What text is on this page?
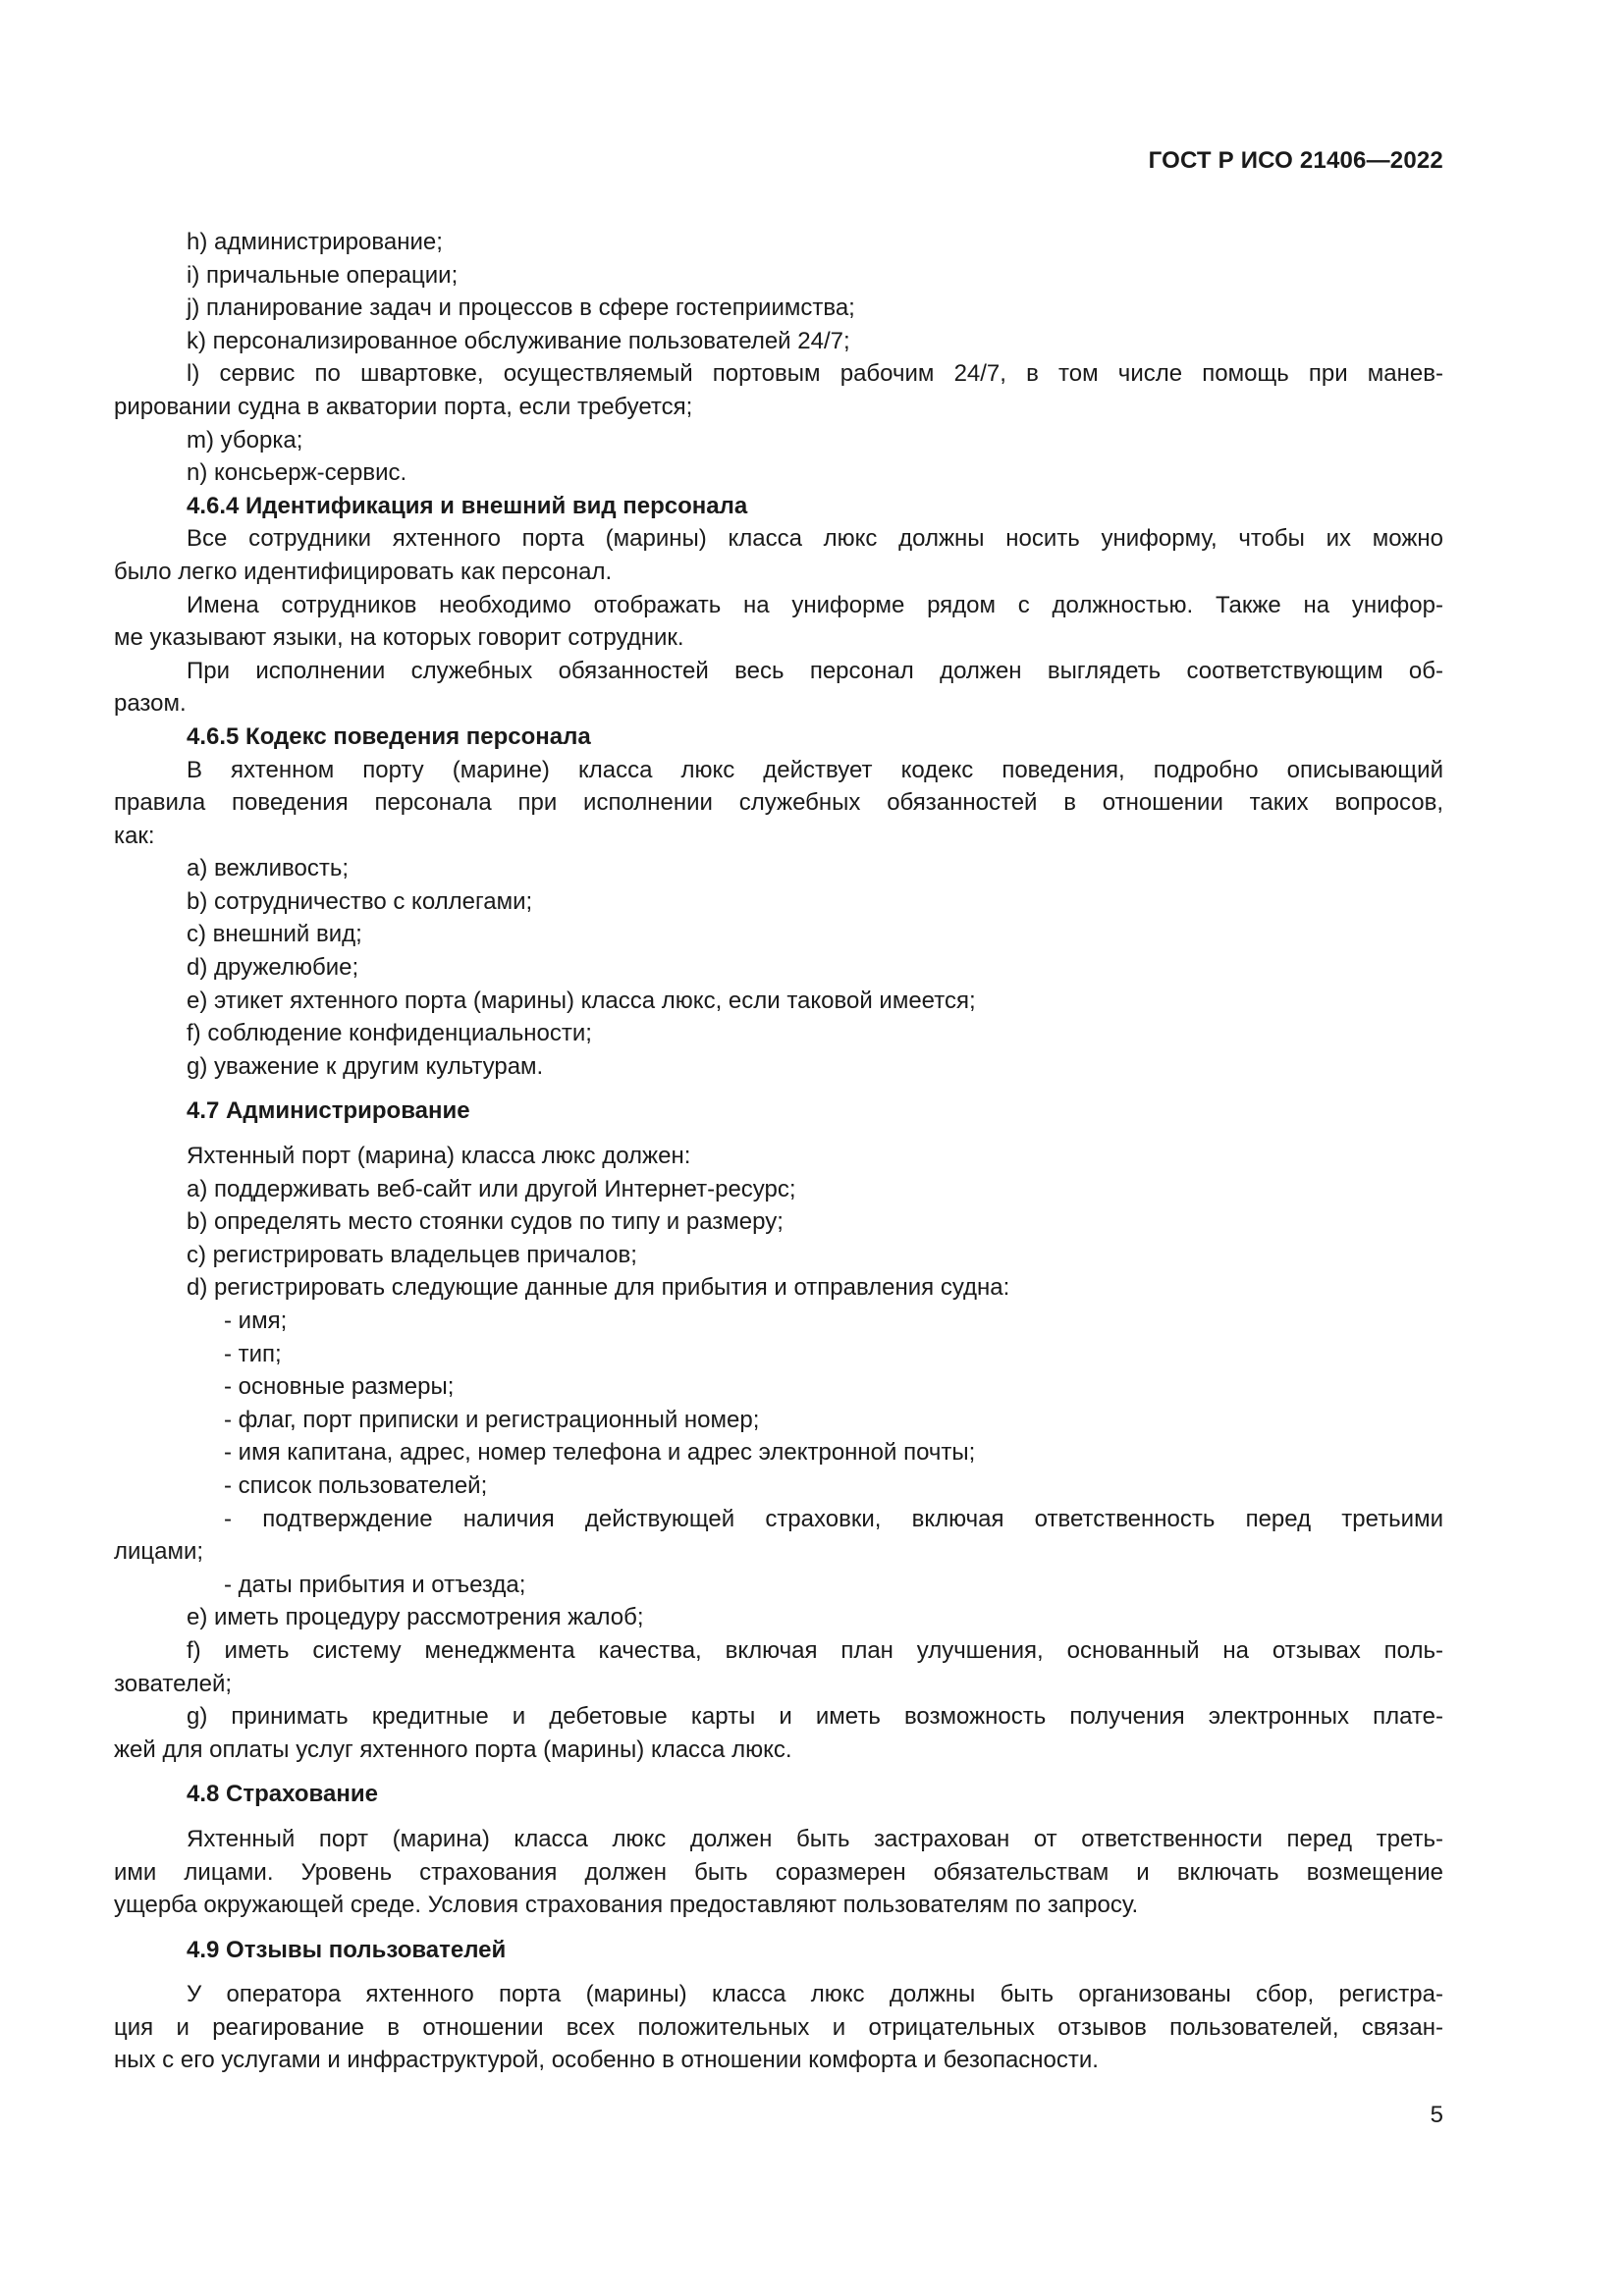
ГОСТ Р ИСО 21406—2022
h) администрирование;
i) причальные операции;
j) планирование задач и процессов в сфере гостеприимства;
k) персонализированное обслуживание пользователей 24/7;
l) сервис по швартовке, осуществляемый портовым рабочим 24/7, в том числе помощь при манев-
рировании судна в акватории порта, если требуется;
m) уборка;
n) консьерж-сервис.
4.6.4 Идентификация и внешний вид персонала
Все сотрудники яхтенного порта (марины) класса люкс должны носить униформу, чтобы их можно
было легко идентифицировать как персонал.
Имена сотрудников необходимо отображать на униформе рядом с должностью. Также на унифор-
ме указывают языки, на которых говорит сотрудник.
При исполнении служебных обязанностей весь персонал должен выглядеть соответствующим об-
разом.
4.6.5 Кодекс поведения персонала
В яхтенном порту (марине) класса люкс действует кодекс поведения, подробно описывающий
правила поведения персонала при исполнении служебных обязанностей в отношении таких вопросов,
как:
a) вежливость;
b) сотрудничество с коллегами;
c) внешний вид;
d) дружелюбие;
e) этикет яхтенного порта (марины) класса люкс, если таковой имеется;
f) соблюдение конфиденциальности;
g) уважение к другим культурам.
4.7 Администрирование
Яхтенный порт (марина) класса люкс должен:
a) поддерживать веб-сайт или другой Интернет-ресурс;
b) определять место стоянки судов по типу и размеру;
c) регистрировать владельцев причалов;
d) регистрировать следующие данные для прибытия и отправления судна:
- имя;
- тип;
- основные размеры;
- флаг, порт приписки и регистрационный номер;
- имя капитана, адрес, номер телефона и адрес электронной почты;
- список пользователей;
- подтверждение наличия действующей страховки, включая ответственность перед третьими
лицами;
- даты прибытия и отъезда;
e) иметь процедуру рассмотрения жалоб;
f) иметь систему менеджмента качества, включая план улучшения, основанный на отзывах поль-
зователей;
g) принимать кредитные и дебетовые карты и иметь возможность получения электронных плате-
жей для оплаты услуг яхтенного порта (марины) класса люкс.
4.8 Страхование
Яхтенный порт (марина) класса люкс должен быть застрахован от ответственности перед треть-
ими лицами. Уровень страхования должен быть соразмерен обязательствам и включать возмещение
ущерба окружающей среде. Условия страхования предоставляют пользователям по запросу.
4.9 Отзывы пользователей
У оператора яхтенного порта (марины) класса люкс должны быть организованы сбор, регистра-
ция и реагирование в отношении всех положительных и отрицательных отзывов пользователей, связан-
ных с его услугами и инфраструктурой, особенно в отношении комфорта и безопасности.
5
